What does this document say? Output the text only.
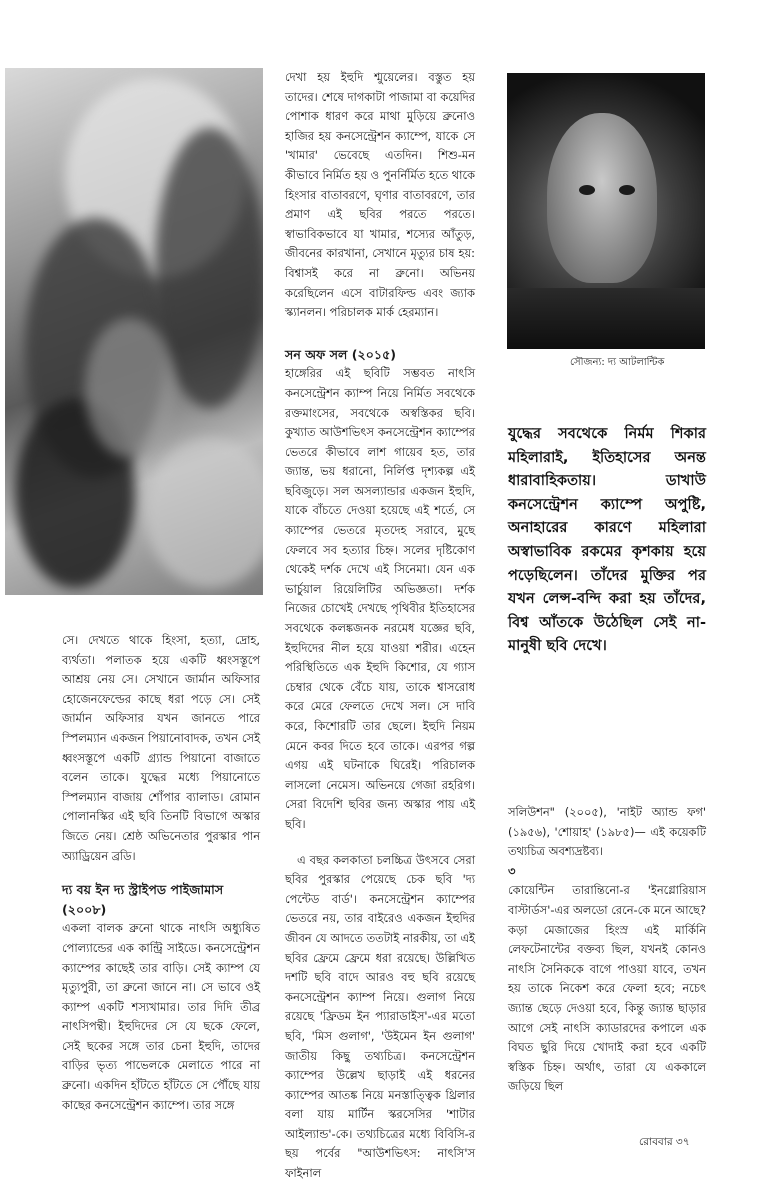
সৌজন্য: দ্য আটলান্টিক
যুদ্ধের সবথেকে নির্মম শিকার মহিলারাই, ইতিহাসের অনন্ত ধারাবাহিকতায়। ডাখাউ কনসেন্ট্রেশন ক্যাম্পে অপুষ্টি, অনাহারের কারণে মহিলারা অস্বাভাবিক রকমের কৃশকায় হয়ে পড়েছিলেন। তাঁদের মুক্তির পর যখন লেন্স-বন্দি করা হয় তাঁদের, বিশ্ব আঁতকে উঠেছিল সেই না-মানুষী ছবি দেখে।

সে। দেখতে থাকে হিংসা, হত্যা, দ্রোহ, ব্যর্থতা। পলাতক হয়ে একটি ধ্বংসস্তূপে আশ্রয় নেয় সে। সেখানে জার্মান অফিসার হোজেনফেল্ডের কাছে ধরা পড়ে সে। সেই জার্মান অফিসার যখন জানতে পারে স্পিলম্যান একজন পিয়ানোবাদক, তখন সেই ধ্বংসস্তূপে একটি গ্র্যান্ড পিয়ানো বাজাতে বলেন তাকে। যুদ্ধের মধ্যে পিয়ানোতে স্পিলম্যান বাজায় শোঁপার ব্যালাড। রোমান পোলানস্কির এই ছবি তিনটি বিভাগে অস্কার জিতে নেয়। শ্রেষ্ঠ অভিনেতার পুরস্কার পান অ্যাড্রিয়েন ব্রডি।

দ্য বয় ইন দ্য স্ট্রাইপড পাইজামাস (২০০৮)

একলা বালক ব্রুনো থাকে নাৎসি অধ্যুষিত পোল্যান্ডের এক কান্ট্রি সাইডে। কনসেন্ট্রেশন ক্যাম্পের কাছেই তার বাড়ি। সেই ক্যাম্প যে মৃত্যুপুরী, তা ব্রুনো জানে না। সে ভাবে ওই ক্যাম্প একটি শস্যখামার। তার দিদি তীব্র নাৎসিপন্থী। ইহুদিদের সে যে ছকে ফেলে, সেই ছকের সঙ্গে তার চেনা ইহুদি, তাদের বাড়ির ভৃত্য পাভেলকে মেলাতে পারে না ব্রুনো। একদিন হাঁটতে হাঁটতে সে পৌঁছে যায় কাছের কনসেন্ট্রেশন ক্যাম্পে। তার সঙ্গে

দেখা হয় ইহুদি শ্মুয়েলের। বস্তুত হয় তাদের। শেষে দাগকাটা পাজামা বা কয়েদির পোশাক ধারণ করে মাথা মুড়িয়ে ব্রুনোও হাজির হয় কনসেন্ট্রেশন ক্যাম্পে, যাকে সে 'খামার' ভেবেছে এতদিন। শিশু-মন কীভাবে নির্মিত হয় ও পুনর্নির্মিত হতে থাকে হিংসার বাতাবরণে, ঘৃণার বাতাবরণে, তার প্রমাণ এই ছবির পরতে পরতে। স্বাভাবিকভাবে যা খামার, শস্যের আঁতুড়, জীবনের কারখানা, সেখানে মৃত্যুর চাষ হয়: বিশ্বাসই করে না ব্রুনো। অভিনয় করেছিলেন এসে বাটারফিল্ড এবং জ্যাক স্ক্যানলন। পরিচালক মার্ক হেরম্যান।

সন অফ সল (২০১৫)

হাঙ্গেরির এই ছবিটি সম্ভবত নাৎসি কনসেন্ট্রেশন ক্যাম্প নিয়ে নির্মিত সবথেকে রক্তমাংসের, সবথেকে অস্বস্তিকর ছবি। কুখ্যাত আউশভিৎস কনসেন্ট্রেশন ক্যাম্পের ভেতরে কীভাবে লাশ গায়েব হত, তার জ্যান্ত, ভয় ধরানো, নির্লিপ্ত দৃশ্যকল্প এই ছবিজুড়ে। সল অসল্যান্ডার একজন ইহুদি, যাকে বাঁচতে দেওয়া হয়েছে এই শর্তে, সে ক্যাম্পের ভেতরে মৃতদেহ সরাবে, মুছে ফেলবে সব হত্যার চিহ্ন। সলের দৃষ্টিকোণ থেকেই দর্শক দেখে এই সিনেমা। যেন এক ভার্চুয়াল রিয়েলিটির অভিজ্ঞতা। দর্শক নিজের চোখেই দেখছে পৃথিবীর ইতিহাসের সবথেকে কলঙ্কজনক নরমেধ যজ্ঞের ছবি, ইহুদিদের নীল হয়ে যাওয়া শরীর। এহেন পরিস্থিতিতে এক ইহুদি কিশোর, যে গ্যাস চেম্বার থেকে বেঁচে যায়, তাকে শ্বাসরোধ করে মেরে ফেলতে দেখে সল। সে দাবি করে, কিশোরটি তার ছেলে। ইহুদি নিয়ম মেনে কবর দিতে হবে তাকে। এরপর গল্প এগয় এই ঘটনাকে ঘিরেই। পরিচালক লাসলো নেমেস। অভিনয়ে গেজা রহরিগ। সেরা বিদেশি ছবির জন্য অস্কার পায় এই ছবি।

এ বছর কলকাতা চলচ্চিত্র উৎসবে সেরা ছবির পুরস্কার পেয়েছে চেক ছবি 'দ্য পেন্টেড বার্ড'। কনসেন্ট্রেশন ক্যাম্পের ভেতরে নয়, তার বাইরেও একজন ইহুদির জীবন যে আদতে ততটাই নারকীয়, তা এই ছবির ফ্রেমে ফ্রেমে ধরা রয়েছে। উল্লিখিত দশটি ছবি বাদে আরও বহু ছবি রয়েছে কনসেন্ট্রেশন ক্যাম্প নিয়ে। গুলাগ নিয়ে রয়েছে 'ফ্রিডম ইন প্যারাডাইস'-এর মতো ছবি, 'মিস গুলাগ', 'উইমেন ইন গুলাগ' জাতীয় কিছু তথ্যচিত্র। কনসেন্ট্রেশন ক্যাম্পের উল্লেখ ছাড়াই এই ধরনের ক্যাম্পের আতঙ্ক নিয়ে মনস্তাত্ত্বিক থ্রিলার বলা যায় মার্টিন স্করসেসির 'শাটার আইল্যান্ড'-কে। তথ্যচিত্রের মধ্যে বিবিসি-র ছয় পর্বের "আউশভিৎস: নাৎসি'স ফাইনাল

সলিউশন" (২০০৫), 'নাইট অ্যান্ড ফগ' (১৯৫৬), 'শোয়াহ' (১৯৮৫)— এই কয়েকটি তথ্যচিত্র অবশ্যদ্রষ্টব্য।

৩

কোয়েন্টিন তারান্তিনো-র 'ইনগ্লোরিয়াস বাস্টার্ডস'-এর অলডো রেনে-কে মনে আছে? কড়া মেজাজের হিংস্র এই মার্কিনি লেফটেনান্টের বক্তব্য ছিল, যখনই কোনও নাৎসি সৈনিককে বাগে পাওয়া যাবে, তখন হয় তাকে নিকেশ করে ফেলা হবে; নচেৎ জ্যান্ত ছেড়ে দেওয়া হবে, কিন্তু জ্যান্ত ছাড়ার আগে সেই নাৎসি ক্যাডারদের কপালে এক বিঘত ছুরি দিয়ে খোদাই করা হবে একটি স্বস্তিক চিহ্ন। অর্থাৎ, তারা যে এককালে জড়িয়ে ছিল

রোববার ৩৭
